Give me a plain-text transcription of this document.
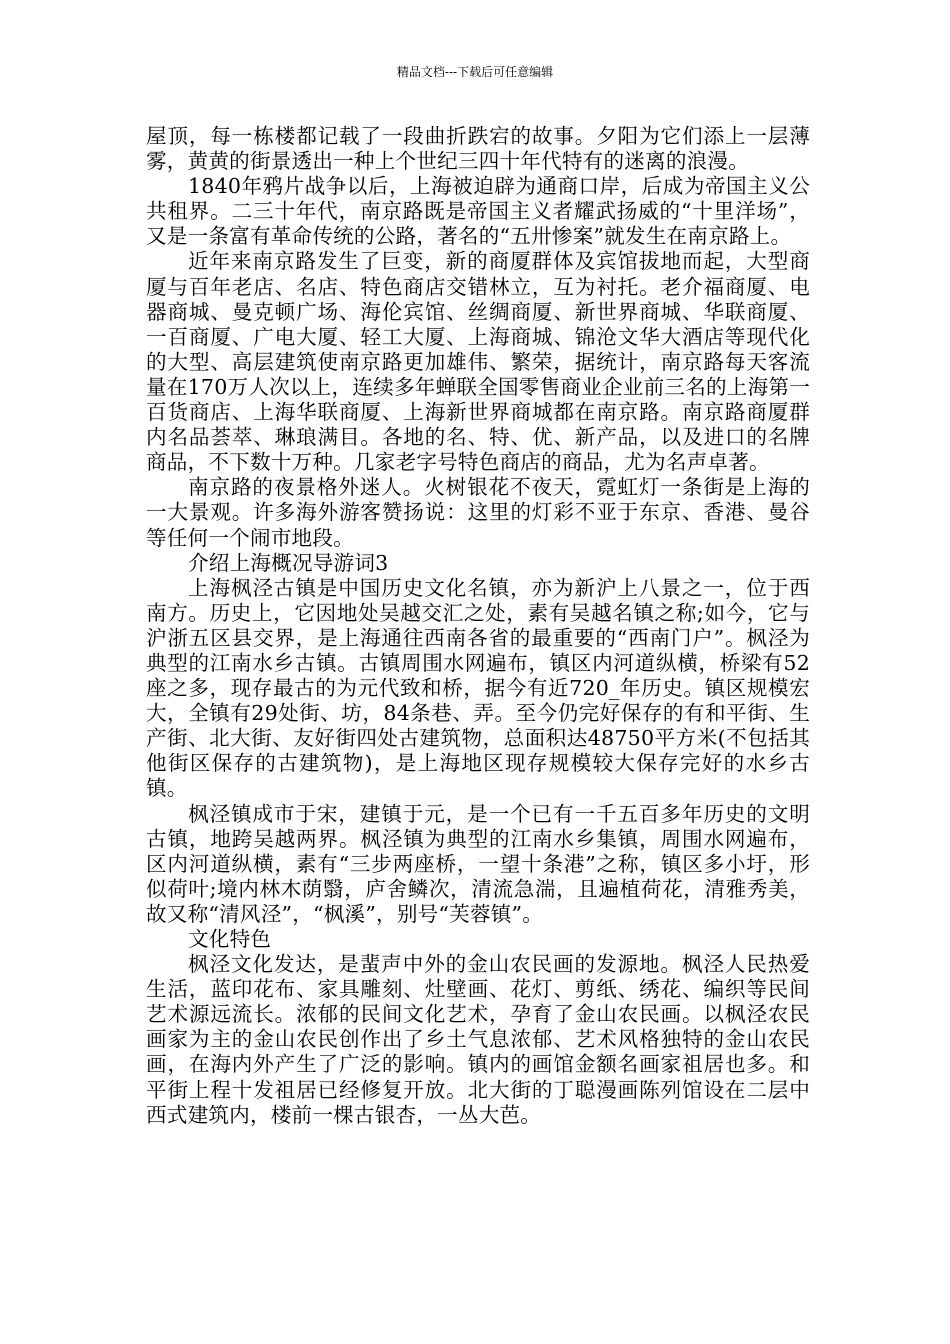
精品文档---下载后可任意编辑

屋顶，每一栋楼都记载了一段曲折跌宕的故事。夕阳为它们添上一层薄雾，黄黄的街景透出一种上个世纪三四十年代特有的迷离的浪漫。

1840年鸦片战争以后，上海被迫辟为通商口岸，后成为帝国主义公共租界。二三十年代，南京路既是帝国主义者耀武扬威的“十里洋场”，又是一条富有革命传统的公路，著名的“五卅惨案”就发生在南京路上。

近年来南京路发生了巨变，新的商厦群体及宾馆拔地而起，大型商厦与百年老店、名店、特色商店交错林立，互为衬托。老介福商厦、电器商城、曼克顿广场、海伦宾馆、丝绸商厦、新世界商城、华联商厦、一百商厦、广电大厦、轻工大厦、上海商城、锦沧文华大酒店等现代化的大型、高层建筑使南京路更加雄伟、繁荣，据统计，南京路每天客流量在170万人次以上，连续多年蝉联全国零售商业企业前三名的上海第一百货商店、上海华联商厦、上海新世界商城都在南京路。南京路商厦群内名品荟萃、琳琅满目。各地的名、特、优、新产品，以及进口的名牌商品，不下数十万种。几家老字号特色商店的商品，尤为名声卓著。

南京路的夜景格外迷人。火树银花不夜天，霓虹灯一条街是上海的一大景观。许多海外游客赞扬说：这里的灯彩不亚于东京、香港、曼谷等任何一个闹市地段。

介绍上海概况导游词3

上海枫泾古镇是中国历史文化名镇，亦为新沪上八景之一，位于西南方。历史上，它因地处吴越交汇之处，素有吴越名镇之称;如今，它与沪浙五区县交界，是上海通往西南各省的最重要的“西南门户”。枫泾为典型的江南水乡古镇。古镇周围水网遍布，镇区内河道纵横，桥梁有52座之多，现存最古的为元代致和桥，据今有近720_年历史。镇区规模宏大，全镇有29处街、坊，84条巷、弄。至今仍完好保存的有和平街、生产街、北大街、友好街四处古建筑物，总面积达48750平方米(不包括其他街区保存的古建筑物)，是上海地区现存规模较大保存完好的水乡古镇。

枫泾镇成市于宋，建镇于元，是一个已有一千五百多年历史的文明古镇，地跨吴越两界。枫泾镇为典型的江南水乡集镇，周围水网遍布，区内河道纵横，素有“三步两座桥，一望十条港”之称，镇区多小圩，形似荷叶;境内林木荫翳，庐舍鳞次，清流急湍，且遍植荷花，清雅秀美，故又称“清风泾”，“枫溪”，别号“芙蓉镇”。

文化特色

枫泾文化发达，是蜚声中外的金山农民画的发源地。枫泾人民热爱生活，蓝印花布、家具雕刻、灶壁画、花灯、剪纸、绣花、编织等民间艺术源远流长。浓郁的民间文化艺术，孕育了金山农民画。以枫泾农民画家为主的金山农民创作出了乡土气息浓郁、艺术风格独特的金山农民画，在海内外产生了广泛的影响。镇内的画馆金额名画家祖居也多。和平街上程十发祖居已经修复开放。北大街的丁聪漫画陈列馆设在二层中西式建筑内，楼前一棵古银杏，一丛大芭。
